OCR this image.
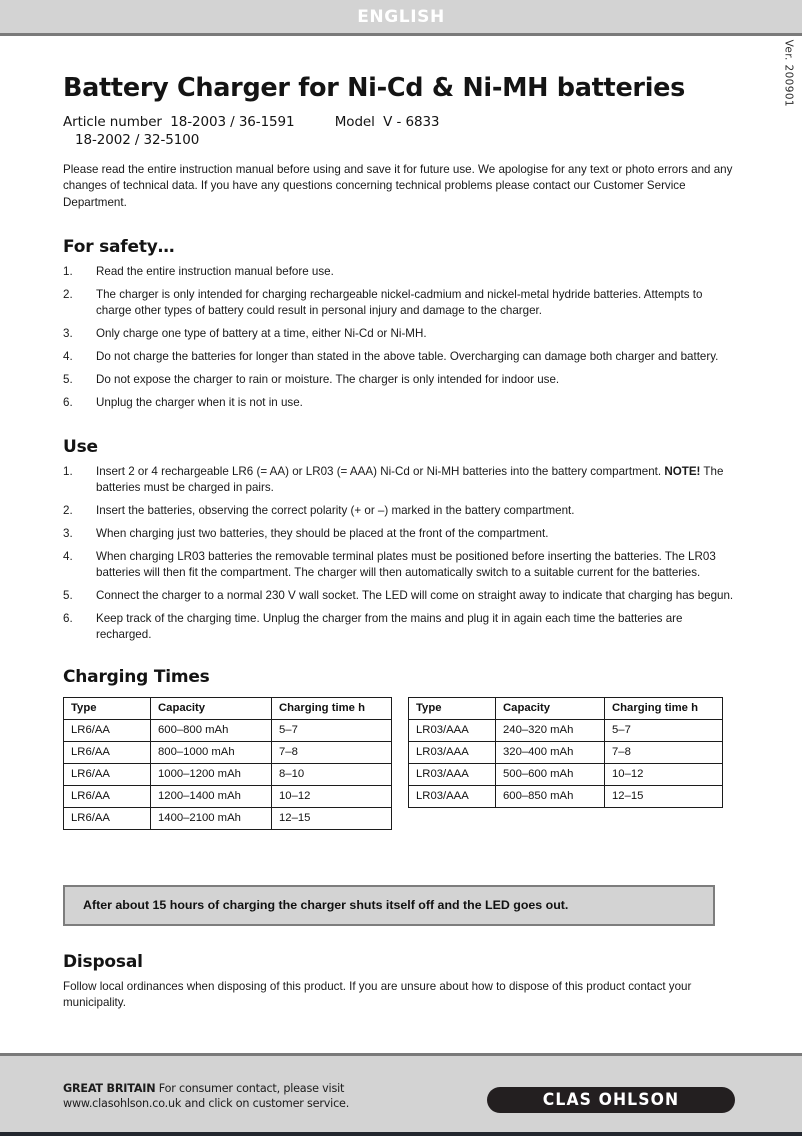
ENGLISH
Ver. 200901
Battery Charger for Ni-Cd & Ni-MH batteries
Article number 18-2003 / 36-1591	Model V - 6833
18-2002 / 32-5100

Please read the entire instruction manual before using and save it for future use. We apologise for any text or photo errors and any changes of technical data. If you have any questions concerning technical problems please contact our Customer Service Department.

For safety…
1.	Read the entire instruction manual before use.
2.	The charger is only intended for charging rechargeable nickel-cadmium and nickel-metal hydride batteries. Attempts to charge other types of battery could result in personal injury and damage to the charger.
3.	Only charge one type of battery at a time, either Ni-Cd or Ni-MH.
4.	Do not charge the batteries for longer than stated in the above table. Overcharging can damage both charger and battery.
5.	Do not expose the charger to rain or moisture. The charger is only intended for indoor use.
6.	Unplug the charger when it is not in use.
Use
1.	Insert 2 or 4 rechargeable LR6 (= AA) or LR03 (= AAA) Ni-Cd or Ni-MH batteries into the battery compartment. NOTE! The batteries must be charged in pairs.
2.	Insert the batteries, observing the correct polarity (+ or –) marked in the battery compartment.
3.	When charging just two batteries, they should be placed at the front of the compartment.
4.	When charging LR03 batteries the removable terminal plates must be positioned before inserting the batteries. The LR03 batteries will then fit the compartment. The charger will then automatically switch to a suitable current for the batteries.
5.	Connect the charger to a normal 230 V wall socket. The LED will come on straight away to indicate that charging has begun.
6.	Keep track of the charging time. Unplug the charger from the mains and plug it in again each time the batteries are recharged.
Charging Times
Type	Capacity	Charging time h
LR6/AA	600–800 mAh	5–7
LR6/AA	800–1000 mAh	7–8
LR6/AA	1000–1200 mAh	8–10
LR6/AA	1200–1400 mAh	10–12
LR6/AA	1400–2100 mAh	12–15
Type	Capacity	Charging time h
LR03/AAA	240–320 mAh	5–7
LR03/AAA	320–400 mAh	7–8
LR03/AAA	500–600 mAh	10–12
LR03/AAA	600–850 mAh	12–15
After about 15 hours of charging the charger shuts itself off and the LED goes out.
Disposal

Follow local ordinances when disposing of this product. If you are unsure about how to dispose of this product contact your municipality.

GREAT BRITAIN For consumer contact, please visit www.clasohlson.co.uk and click on customer service.	CLAS OHLSON
